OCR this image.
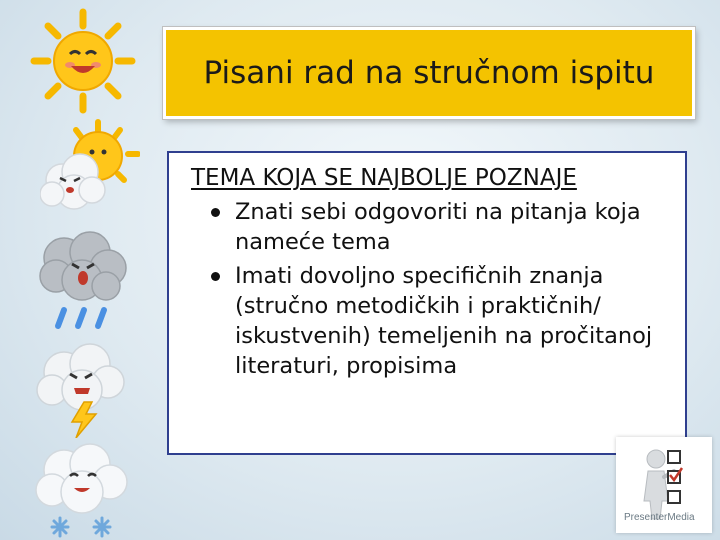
Pisani rad na stručnom ispitu
TEMA KOJA SE NAJBOLJE POZNAJE
Znati sebi odgovoriti na pitanja koja nameće tema
Imati dovoljno specifičnih znanja (stručno metodičkih i praktičnih/ iskustvenih) temeljenih na pročitanoj literaturi, propisima
PresenterMedia
